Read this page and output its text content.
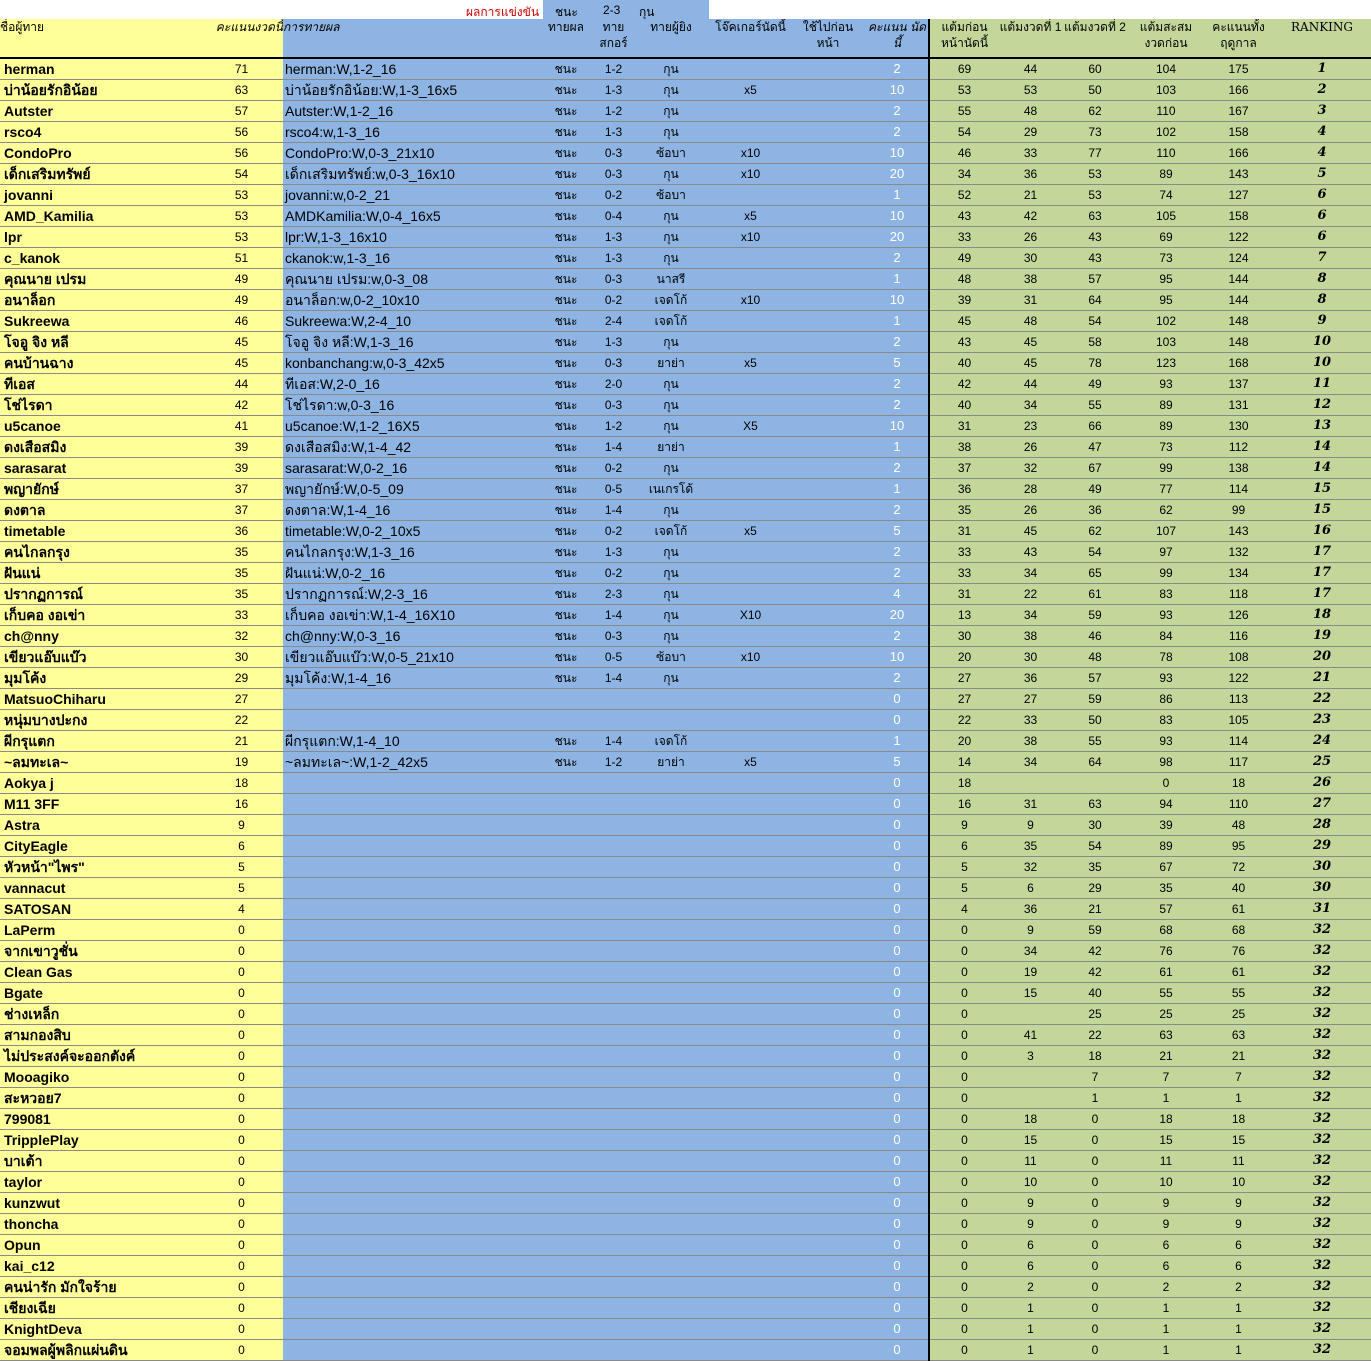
ผลการแข่งขัน ชนะ 2-3 กุน
ชื่อผู้ทาย	คะแนนงวดนี้	การทายผล	ทายผล	ทาย สกอร์	ทายผู้ยิง	โจ๊คเกอร์นัดนี้	ใช้ไปก่อน หน้า	คะแนน นัดนี้	แต้มก่อน หน้านัดนี้	แต้มงวดที่ 1	แต้มงวดที่ 2	แต้มสะสม งวดก่อน	คะแนนทั้ง ฤดูกาล	RANKING
herman	71	herman:W,1-2_16	ชนะ	1-2	กุน			2	69	44	60	104	175	1
บ่าน้อยรักอิน้อย	63	บ่าน้อยรักอิน้อย:W,1-3_16x5	ชนะ	1-3	กุน	x5		10	53	53	50	103	166	2
Autster	57	Autster:W,1-2_16	ชนะ	1-2	กุน			2	55	48	62	110	167	3
rsco4	56	rsco4:w,1-3_16	ชนะ	1-3	กุน			2	54	29	73	102	158	4
CondoPro	56	CondoPro:W,0-3_21x10	ชนะ	0-3	ซ้อบา	x10		10	46	33	77	110	166	4
เด็กเสริมทรัพย์	54	เด็กเสริมทรัพย์:w,0-3_16x10	ชนะ	0-3	กุน	x10		20	34	36	53	89	143	5
jovanni	53	jovanni:w,0-2_21	ชนะ	0-2	ซ้อบา			1	52	21	53	74	127	6
AMD_Kamilia	53	AMDKamilia:W,0-4_16x5	ชนะ	0-4	กุน	x5		10	43	42	63	105	158	6
lpr	53	lpr:W,1-3_16x10	ชนะ	1-3	กุน	x10		20	33	26	43	69	122	6
c_kanok	51	ckanok:w,1-3_16	ชนะ	1-3	กุน			2	49	30	43	73	124	7
คุณนาย เปรม	49	คุณนาย เปรม:w,0-3_08	ชนะ	0-3	นาสรี			1	48	38	57	95	144	8
อนาล็อก	49	อนาล็อก:w,0-2_10x10	ชนะ	0-2	เจดโก้	x10		10	39	31	64	95	144	8
Sukreewa	46	Sukreewa:W,2-4_10	ชนะ	2-4	เจดโก้			1	45	48	54	102	148	9
โจอู จิง หลี	45	โจอู จิง หลี:W,1-3_16	ชนะ	1-3	กุน			2	43	45	58	103	148	10
คนบ้านฉาง	45	konbanchang:w,0-3_42x5	ชนะ	0-3	ยาย่า	x5		5	40	45	78	123	168	10
ทีเอส	44	ทีเอส:W,2-0_16	ชนะ	2-0	กุน			2	42	44	49	93	137	11
โช่ไรดา	42	โช่ไรดา:w,0-3_16	ชนะ	0-3	กุน			2	40	34	55	89	131	12
u5canoe	41	u5canoe:W,1-2_16X5	ชนะ	1-2	กุน	X5		10	31	23	66	89	130	13
ดงเสือสมิง	39	ดงเสือสมิง:W,1-4_42	ชนะ	1-4	ยาย่า			1	38	26	47	73	112	14
sarasarat	39	sarasarat:W,0-2_16	ชนะ	0-2	กุน			2	37	32	67	99	138	14
พญายักษ์	37	พญายักษ์:W,0-5_09	ชนะ	0-5	เนเกรโด้			1	36	28	49	77	114	15
ดงตาล	37	ดงตาล:W,1-4_16	ชนะ	1-4	กุน			2	35	26	36	62	99	15
timetable	36	timetable:W,0-2_10x5	ชนะ	0-2	เจดโก้	x5		5	31	45	62	107	143	16
คนไกลกรุง	35	คนไกลกรุง:W,1-3_16	ชนะ	1-3	กุน			2	33	43	54	97	132	17
ฝันแน่	35	ฝันแน่:W,0-2_16	ชนะ	0-2	กุน			2	33	34	65	99	134	17
ปรากฏการณ์	35	ปรากฏการณ์:W,2-3_16	ชนะ	2-3	กุน			4	31	22	61	83	118	17
เก็บคอ งอเข่า	33	เก็บคอ งอเข่า:W,1-4_16X10	ชนะ	1-4	กุน	X10		20	13	34	59	93	126	18
ch@nny	32	ch@nny:W,0-3_16	ชนะ	0-3	กุน			2	30	38	46	84	116	19
เขียวแอ๊บแบ๊ว	30	เขียวแอ๊บแบ๊ว:W,0-5_21x10	ชนะ	0-5	ซ้อบา	x10		10	20	30	48	78	108	20
มุมโค้ง	29	มุมโค้ง:W,1-4_16	ชนะ	1-4	กุน			2	27	36	57	93	122	21
MatsuoChiharu	27							0	27	27	59	86	113	22
หนุ่มบางปะกง	22							0	22	33	50	83	105	23
ผีกรุแตก	21	ผีกรุแตก:W,1-4_10	ชนะ	1-4	เจดโก้			1	20	38	55	93	114	24
~ลมทะเล~	19	~ลมทะเล~:W,1-2_42x5	ชนะ	1-2	ยาย่า	x5		5	14	34	64	98	117	25
Aokya j	18							0	18			0	18	26
M11 3FF	16							0	16	31	63	94	110	27
Astra	9							0	9	9	30	39	48	28
CityEagle	6							0	6	35	54	89	95	29
หัวหน้า"ไพร"	5							0	5	32	35	67	72	30
vannacut	5							0	5	6	29	35	40	30
SATOSAN	4							0	4	36	21	57	61	31
LaPerm	0							0	0	9	59	68	68	32
จากเขาวูชั่น	0							0	0	34	42	76	76	32
Clean Gas	0							0	0	19	42	61	61	32
Bgate	0							0	0	15	40	55	55	32
ช่างเหล็ก	0							0	0		25	25	25	32
สามกองสิบ	0							0	0	41	22	63	63	32
ไม่ประสงค์จะออกตังค์	0							0	0	3	18	21	21	32
Mooagiko	0							0	0		7	7	7	32
สะหวอย7	0							0	0		1	1	1	32
799081	0							0	0	18	0	18	18	32
TripplePlay	0							0	0	15	0	15	15	32
บาเต้า	0							0	0	11	0	11	11	32
taylor	0							0	0	10	0	10	10	32
kunzwut	0							0	0	9	0	9	9	32
thoncha	0							0	0	9	0	9	9	32
Opun	0							0	0	6	0	6	6	32
kai_c12	0							0	0	6	0	6	6	32
คนน่ารัก มักใจร้าย	0							0	0	2	0	2	2	32
เชียงเฉีย	0							0	0	1	0	1	1	32
KnightDeva	0							0	0	1	0	1	1	32
จอมพลผู้พลิกแผ่นดิน	0							0	0	1	0	1	1	32
